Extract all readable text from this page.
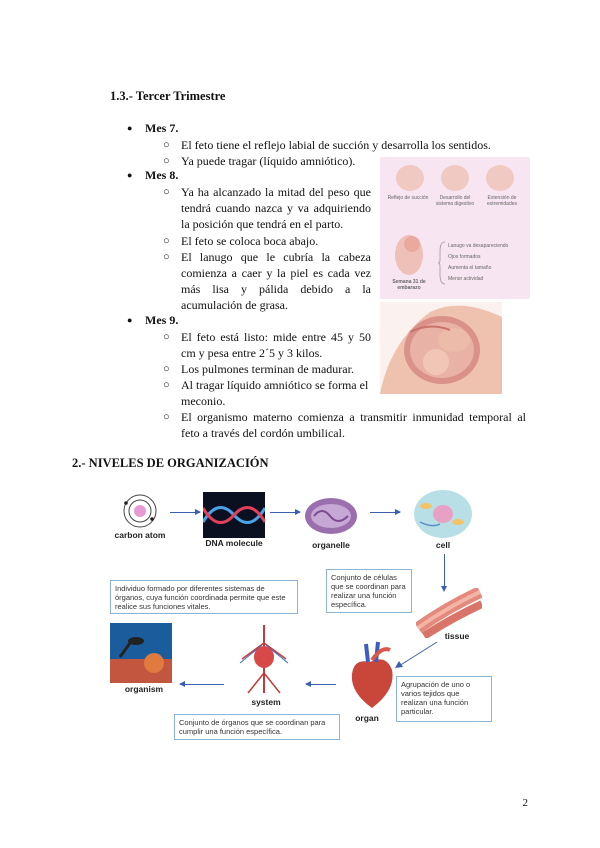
1.3.- Tercer Trimestre
● Mes 7.
○ El feto tiene el reflejo labial de succión y desarrolla los sentidos.
○ Ya puede tragar (líquido amniótico).
● Mes 8.
○ Ya ha alcanzado la mitad del peso que tendrá cuando nazca y va adquiriendo la posición que tendrá en el parto.
○ El feto se coloca boca abajo.
○ El lanugo que le cubría la cabeza comienza a caer y la piel es cada vez más lisa y pálida debido a la acumulación de grasa.
● Mes 9.
○ El feto está listo: mide entre 45 y 50 cm y pesa entre 2´5 y 3 kilos.
○ Los pulmones terminan de madurar.
○ Al tragar líquido amniótico se forma el meconio.
○ El organismo materno comienza a transmitir inmunidad temporal al feto a través del cordón umbilical.
Reflejo de succión	Desarrollo del sistema digestivo
Extensión de extremidades
Semana 31 de embarazo
Lanugo va desapareciendo
Ojos formados
Aumenta el tamaño
Menor actividad
2.- NIVELES DE ORGANIZACIÓN
carbon atom
DNA molecule	organelle	cell
Conjunto de células que se coordinan para realizar una función específica.
tissue
Individuo formado por diferentes sistemas de órganos, cuya función coordinada permite que este realice sus funciones vitales.
organism
system
organ
Agrupación de uno o varios tejidos que realizan una función particular.
Conjunto de órganos que se coordinan para cumplir una función específica.
2
